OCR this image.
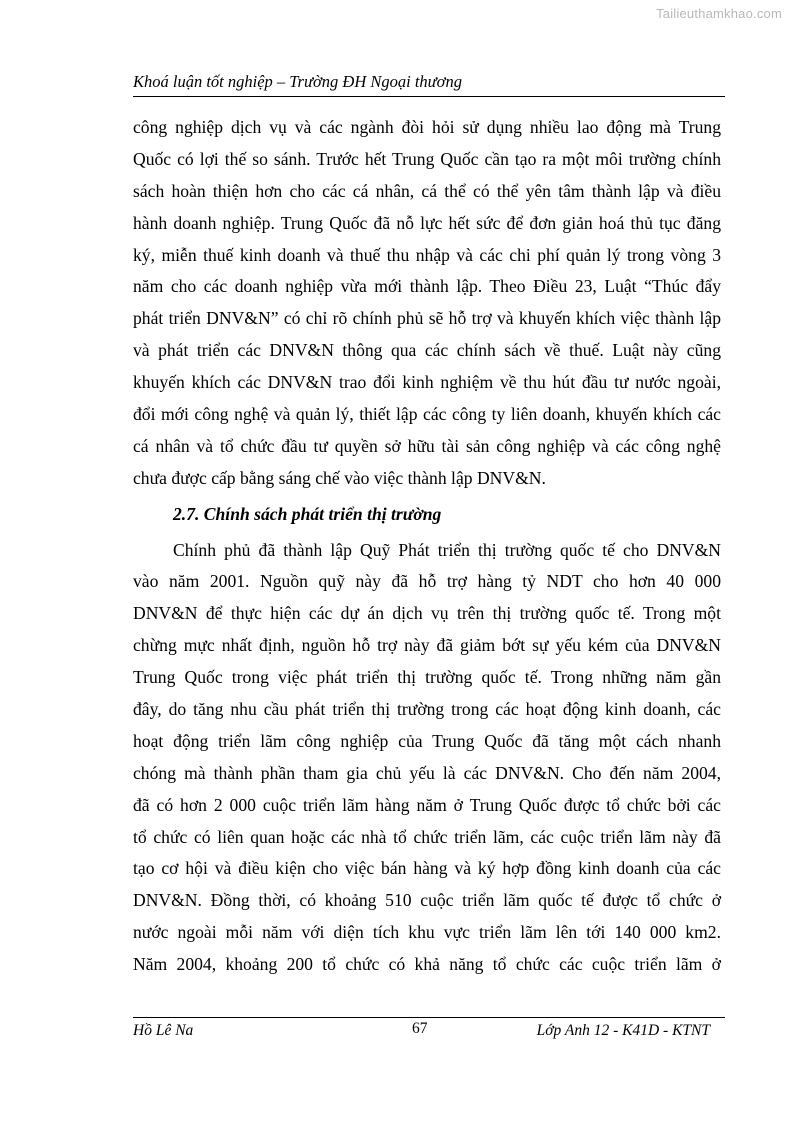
Tailieuthamkhao.com
Khoá luận tốt nghiệp – Trường ĐH Ngoại thương
công nghiệp dịch vụ và các ngành đòi hỏi sử dụng nhiều lao động mà Trung
Quốc có lợi thế so sánh. Trước hết Trung Quốc cần tạo ra một môi trường chính
sách hoàn thiện hơn cho các cá nhân, cá thể có thể yên tâm thành lập và điều
hành doanh nghiệp. Trung Quốc đã nỗ lực hết sức để đơn giản hoá thủ tục đăng
ký, miễn thuế kinh doanh và thuế thu nhập và các chi phí quản lý trong vòng 3
năm cho các doanh nghiệp vừa mới thành lập. Theo Điều 23, Luật “Thúc đẩy
phát triển DNV&N” có chỉ rõ chính phủ sẽ hỗ trợ và khuyến khích việc thành lập
và phát triển các DNV&N thông qua các chính sách về thuế. Luật này cũng
khuyến khích các DNV&N trao đổi kinh nghiệm về thu hút đầu tư nước ngoài,
đổi mới công nghệ và quản lý, thiết lập các công ty liên doanh, khuyến khích các
cá nhân và tổ chức đầu tư quyền sở hữu tài sản công nghiệp và các công nghệ
chưa được cấp bằng sáng chế vào việc thành lập DNV&N.
2.7. Chính sách phát triển thị trường
Chính phủ đã thành lập Quỹ Phát triển thị trường quốc tế cho DNV&N
vào năm 2001. Nguồn quỹ này đã hỗ trợ hàng tỷ NDT cho hơn 40 000
DNV&N để thực hiện các dự án dịch vụ trên thị trường quốc tế. Trong một
chừng mực nhất định, nguồn hỗ trợ này đã giảm bớt sự yếu kém của DNV&N
Trung Quốc trong việc phát triển thị trường quốc tế. Trong những năm gần
đây, do tăng nhu cầu phát triển thị trường trong các hoạt động kinh doanh, các
hoạt động triển lãm công nghiệp của Trung Quốc đã tăng một cách nhanh
chóng mà thành phần tham gia chủ yếu là các DNV&N. Cho đến năm 2004,
đã có hơn 2 000 cuộc triển lãm hàng năm ở Trung Quốc được tổ chức bởi các
tổ chức có liên quan hoặc các nhà tổ chức triển lãm, các cuộc triển lãm này đã
tạo cơ hội và điều kiện cho việc bán hàng và ký hợp đồng kinh doanh của các
DNV&N. Đồng thời, có khoảng 510 cuộc triển lãm quốc tế được tổ chức ở
nước ngoài mỗi năm với diện tích khu vực triển lãm lên tới 140 000 km2.
Năm 2004, khoảng 200 tổ chức có khả năng tổ chức các cuộc triển lãm ở
Hồ Lê Na	67	Lớp Anh 12 - K41D - KTNT
